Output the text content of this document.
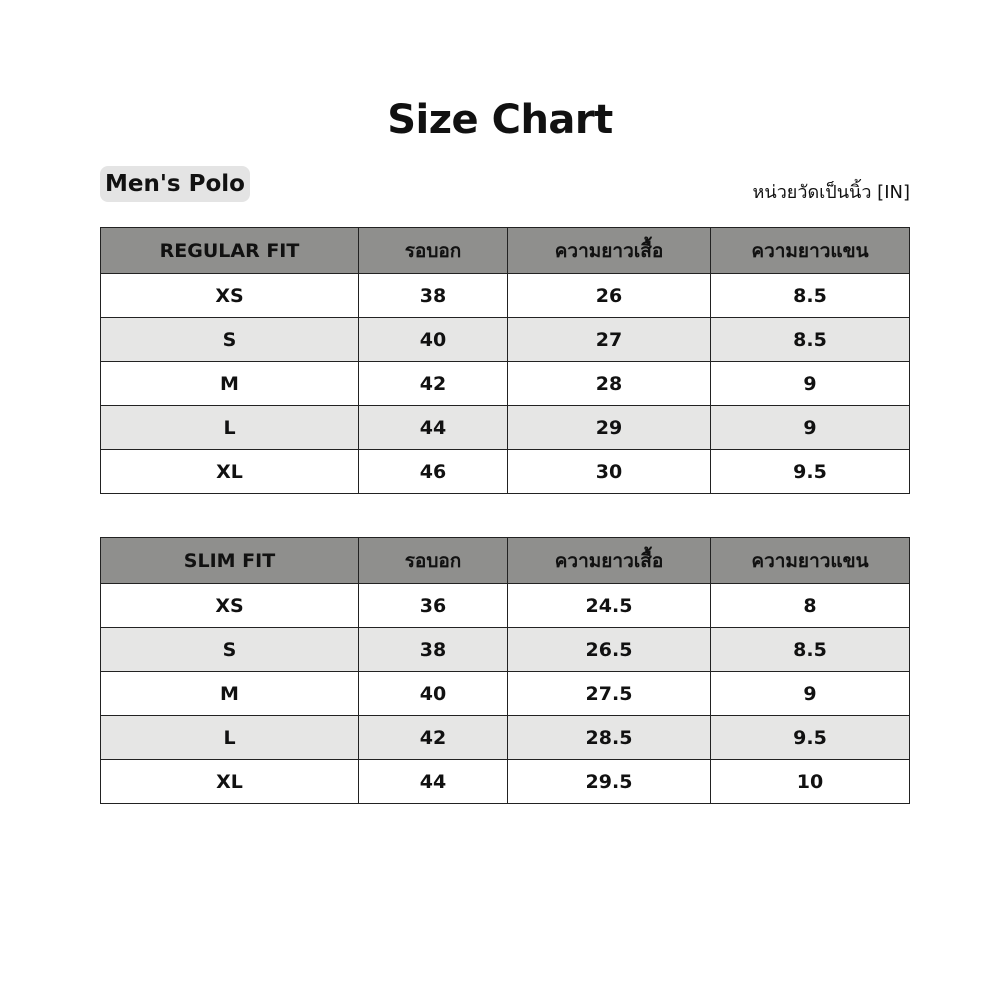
Size Chart
Men's Polo	หน่วยวัดเป็นนิ้ว [IN]
REGULAR FIT	รอบอก	ความยาวเสื้อ	ความยาวแขน
XS	38	26	8.5
S	40	27	8.5
M	42	28	9
L	44	29	9
XL	46	30	9.5
SLIM FIT	รอบอก	ความยาวเสื้อ	ความยาวแขน
XS	36	24.5	8
S	38	26.5	8.5
M	40	27.5	9
L	42	28.5	9.5
XL	44	29.5	10
